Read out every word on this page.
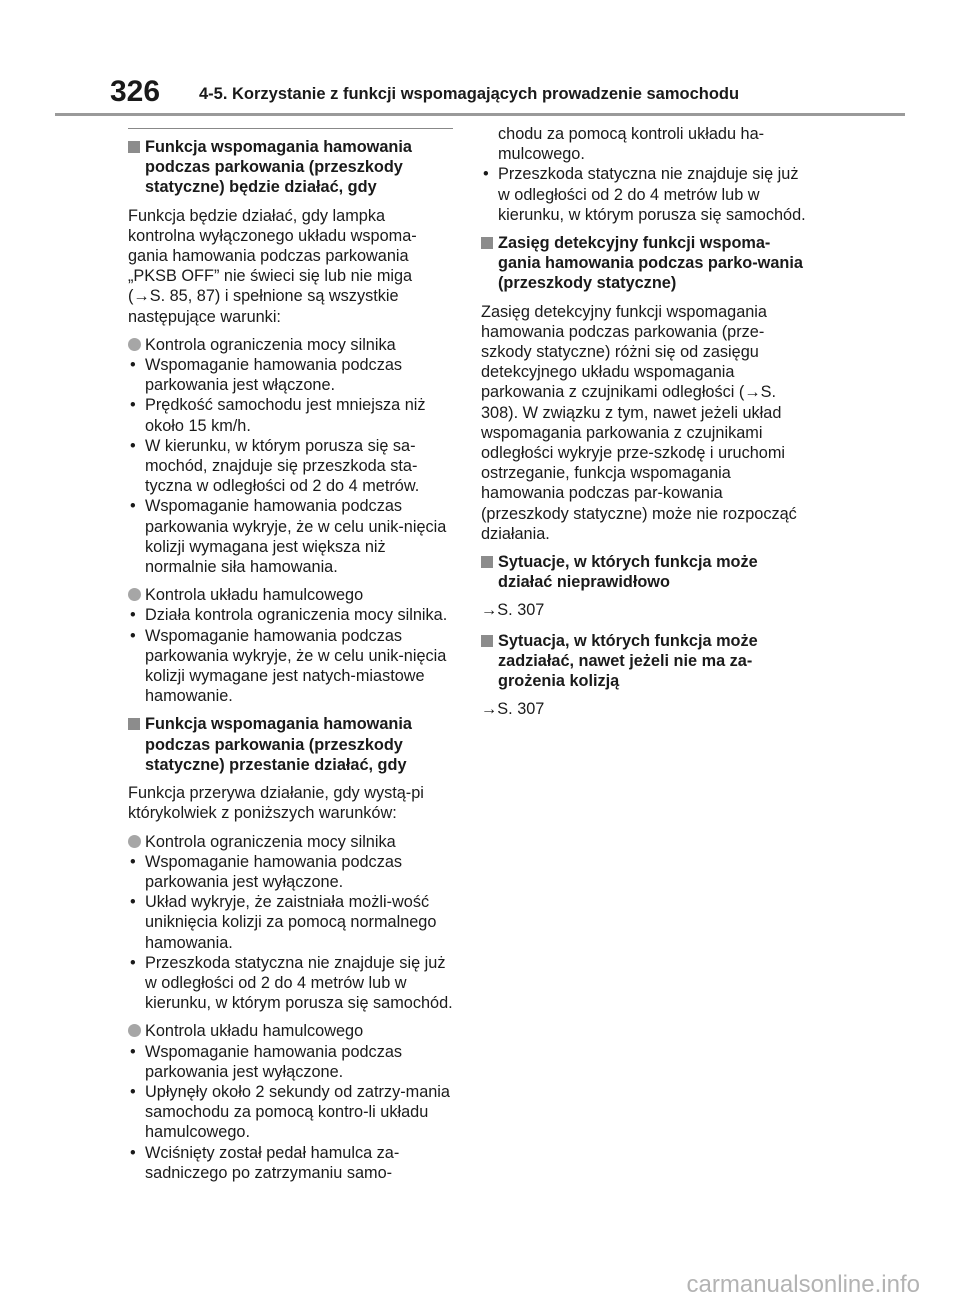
326 4-5. Korzystanie z funkcji wspomagających prowadzenie samochodu
Funkcja wspomagania hamowania podczas parkowania (przeszkody statyczne) będzie działać, gdy

Funkcja będzie działać, gdy lampka kontrolna wyłączonego układu wspoma-gania hamowania podczas parkowania „PKSB OFF” nie świeci się lub nie miga (→S. 85, 87) i spełnione są wszystkie następujące warunki:

Kontrola ograniczenia mocy silnika
• Wspomaganie hamowania podczas parkowania jest włączone.
• Prędkość samochodu jest mniejsza niż około 15 km/h.
• W kierunku, w którym porusza się sa-mochód, znajduje się przeszkoda sta-tyczna w odległości od 2 do 4 metrów.
• Wspomaganie hamowania podczas parkowania wykryje, że w celu unik-nięcia kolizji wymagana jest większa niż normalnie siła hamowania.
Kontrola układu hamulcowego
• Działa kontrola ograniczenia mocy silnika.
• Wspomaganie hamowania podczas parkowania wykryje, że w celu unik-nięcia kolizji wymagane jest natych-miastowe hamowanie.
Funkcja wspomagania hamowania podczas parkowania (przeszkody statyczne) przestanie działać, gdy

Funkcja przerywa działanie, gdy wystą-pi którykolwiek z poniższych warunków:

Kontrola ograniczenia mocy silnika
• Wspomaganie hamowania podczas parkowania jest wyłączone.
• Układ wykryje, że zaistniała możli-wość uniknięcia kolizji za pomocą normalnego hamowania.
• Przeszkoda statyczna nie znajduje się już w odległości od 2 do 4 metrów lub w kierunku, w którym porusza się samochód.
Kontrola układu hamulcowego
• Wspomaganie hamowania podczas parkowania jest wyłączone.
• Upłynęły około 2 sekundy od zatrzy-mania samochodu za pomocą kontro-li układu hamulcowego.
• Wciśnięty został pedał hamulca za-sadniczego po zatrzymaniu samo-

chodu za pomocą kontroli układu ha-mulcowego.

• Przeszkoda statyczna nie znajduje się już w odległości od 2 do 4 metrów lub w kierunku, w którym porusza się samochód.
Zasięg detekcyjny funkcji wspoma-gania hamowania podczas parko-wania (przeszkody statyczne)

Zasięg detekcyjny funkcji wspomagania hamowania podczas parkowania (prze-szkody statyczne) różni się od zasięgu detekcyjnego układu wspomagania parkowania z czujnikami odległości (→S. 308). W związku z tym, nawet jeżeli układ wspomagania parkowania z czujnikami odległości wykryje prze-szkodę i uruchomi ostrzeganie, funkcja wspomagania hamowania podczas par-kowania (przeszkody statyczne) może nie rozpocząć działania.

Sytuacje, w których funkcja może działać nieprawidłowo

→S. 307

Sytuacja, w których funkcja może zadziałać, nawet jeżeli nie ma za-grożenia kolizją

→S. 307

carmanualsonline.info
